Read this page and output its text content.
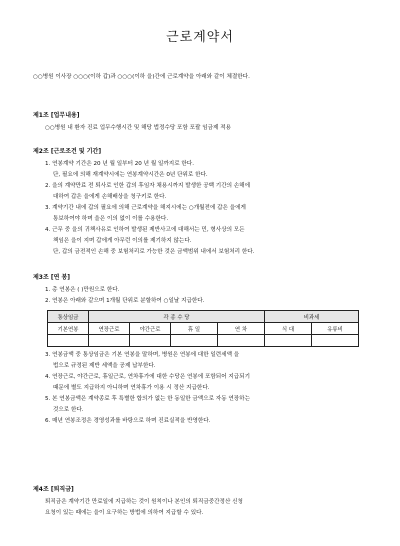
근로계약서
○○병원 이사장 ○○○(이하 갑)과 ○○○(이하 을)간에 근로계약을 아래와 같이 체결한다.
제1조 [업무내용]
○○병원 내 환자 진료 업무수행시간 및 해당 법정수당 포함 포괄 임금제 적용
제2조 [근로조건 및 기간]
1. 연봉계약 기간은 20 년 월 일부터 20 년 월 일까지로 한다.
단, 필요에 의해 재계약시에는 연봉계약시간은 0년 단위로 한다.
2. 을의 계약만료 전 퇴사로 인한 갑의 후임자 채용시까지 발생한 공백 기간의 손해에
대하여 갑은 을에게 손해배상을 청구키로 한다.
3. 계약기간 내에 갑의 필요에 의해 근로계약을 해지시에는 ○개월전에 갑은 을에게
통보하여야 하며 을은 이의 없이 이를 수용한다.
4. 근무 중 을의 귀책사유로 인하여 발생된 제반사고에 대해서는 민, 형사상의 모든
책임은 을이 지며 갑에게 아무런 이의를 제기하지 않는다.
단, 갑의 금전적인 손해 중 보험처리로 가능한 것은 금액범위 내에서 보험처리 한다.
제3조 [연 봉]
1. 총 연봉은 ( )만원으로 한다.
2. 연봉은 아래와 같으며 1개월 단위로 분할하여 ○일날 지급한다.
통상임금	각 종 수 당				비과세	
기본연봉	연장근로	야간근로	휴 일	연 차	식 대	유류비

3. 연봉금액 중 통상임금은 기본 연봉을 말하며, 병원은 연봉에 대한 일련세액 을
법으로 규정된 제반 세액을 공제 납부한다.
4. 연장근로, 야간근로, 휴일근로, 연차휴가에 대한 수당은 연봉에 포함되어 지급되기
때문에 별도 지급하지 아니하며 연차휴가 이용 시 정산 지급한다.
5. 본 연봉금액은 계약종료 후 특별한 합의가 없는 한 동일한 금액으로 자동 연장하는
것으로 한다.
6. 매년 연봉조정은 경영성과를 바탕으로 하며 진료실적을 반영한다.
제4조 [퇴직금]
퇴직금은 계약기간 만료일에 지급하는 것이 원칙이나 본인의 퇴직금중간정산 신청
요청이 있는 때에는 을이 요구하는 방법에 의하여 지급할 수 있다.
